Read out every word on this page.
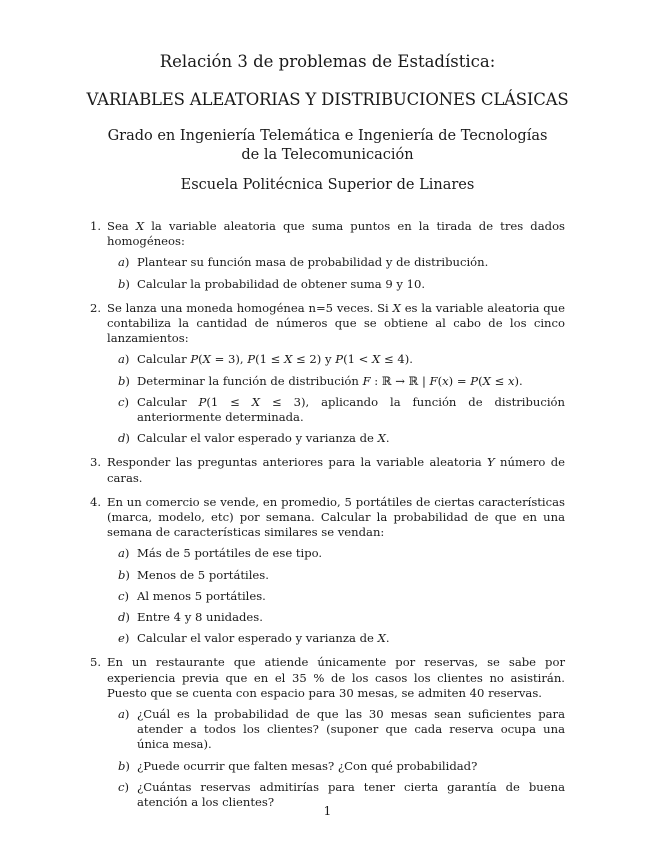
Relación 3 de problemas de Estadística:
VARIABLES ALEATORIAS Y DISTRIBUCIONES CLÁSICAS
Grado en Ingeniería Telemática e Ingeniería de Tecnologías de la Telecomunicación
Escuela Politécnica Superior de Linares
1. Sea X la variable aleatoria que suma puntos en la tirada de tres dados homogéneos:
a) Plantear su función masa de probabilidad y de distribución.
b) Calcular la probabilidad de obtener suma 9 y 10.
2. Se lanza una moneda homogénea n=5 veces. Si X es la variable aleatoria que contabiliza la cantidad de números que se obtiene al cabo de los cinco lanzamientos:
a) Calcular P(X = 3), P(1 ≤ X ≤ 2) y P(1 < X ≤ 4).
b) Determinar la función de distribución F : ℝ → ℝ | F(x) = P(X ≤ x).
c) Calcular P(1 ≤ X ≤ 3), aplicando la función de distribución anteriormente determinada.
d) Calcular el valor esperado y varianza de X.
3. Responder las preguntas anteriores para la variable aleatoria Y número de caras.
4. En un comercio se vende, en promedio, 5 portátiles de ciertas características (marca, modelo, etc) por semana. Calcular la probabilidad de que en una semana de características similares se vendan:
a) Más de 5 portátiles de ese tipo.
b) Menos de 5 portátiles.
c) Al menos 5 portátiles.
d) Entre 4 y 8 unidades.
e) Calcular el valor esperado y varianza de X.
5. En un restaurante que atiende únicamente por reservas, se sabe por experiencia previa que en el 35 % de los casos los clientes no asistirán. Puesto que se cuenta con espacio para 30 mesas, se admiten 40 reservas.
a) ¿Cuál es la probabilidad de que las 30 mesas sean suficientes para atender a todos los clientes? (suponer que cada reserva ocupa una única mesa).
b) ¿Puede ocurrir que falten mesas? ¿Con qué probabilidad?
c) ¿Cuántas reservas admitirías para tener cierta garantía de buena atención a los clientes?
1
